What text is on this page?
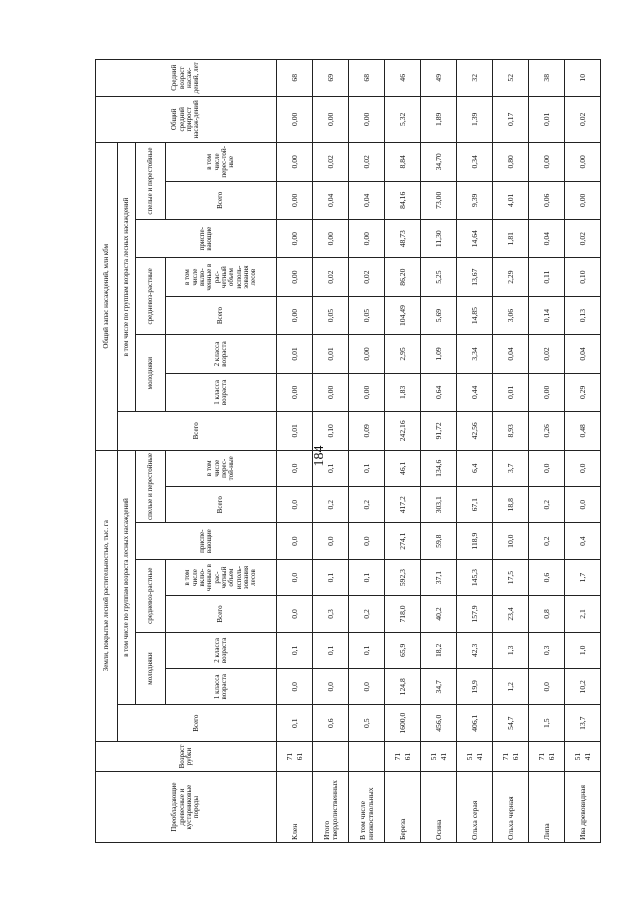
184
Преобладающие древесные и кустарниковые породы	Возраст рубки	Земли, покрытые лесной растительностью, тыс. га								Общий запас насаждений, млн кбм								Общий средний прирост насаж-дений	Средний возраст насаж-дений, лет
		Всего	в том числе по группам возраста лесных насаждений							Всего	в том числе по группам возраста лесных насаждений								
			молодняки		средневоз-растные		приспе-вающие	спелые и перестойные			молодняки		средневоз-растные		приспе-вающие	спелые и перестойные			
			1 класса возраста	2 класса возраста	Всего	в том числе вклю-ченные в рас-четный объем исполь-зования лесов		Всего	в том числе перес-той-ные		1 класса возраста	2 класса возраста	Всего	в том числе вклю-ченные в рас-четный объем исполь-зования лесов		Всего	в том числе перес-той-ные		

Клен	71 61	0,1	0,0	0,1	0,0	0,0	0,0	0,0	0,0	0,01	0,00	0,01	0,00	0,00	0,00	0,00	0,00	0,00	68
Итого твердолиственных		0,6	0,0	0,1	0,3	0,1	0,0	0,2	0,1	0,10	0,00	0,01	0,05	0,02	0,00	0,04	0,02	0,00	69
В том числе низкоствольных		0,5	0,0	0,1	0,2	0,1	0,0	0,2	0,1	0,09	0,00	0,00	0,05	0,02	0,00	0,04	0,02	0,00	68
Береза	71 61	1600,0	124,8	65,9	718,0	592,3	274,1	417,2	46,1	242,16	1,83	2,95	104,49	86,20	48,73	84,16	8,84	5,32	46
Осина	51 41	456,0	34,7	18,2	40,2	37,1	59,8	303,1	134,6	91,72	0,64	1,09	5,69	5,25	11,30	73,00	34,70	1,89	49
Ольха серая	51 41	406,1	19,9	42,3	157,9	145,3	118,9	67,1	6,4	42,56	0,44	3,34	14,85	13,67	14,64	9,39	0,34	1,39	32
Ольха черная	71 61	54,7	1,2	1,3	23,4	17,5	10,0	18,8	3,7	8,93	0,01	0,04	3,06	2,29	1,81	4,01	0,80	0,17	52
Липа	71 61	1,5	0,0	0,3	0,8	0,6	0,2	0,2	0,0	0,26	0,00	0,02	0,14	0,11	0,04	0,06	0,00	0,01	38
Ива древовидная	51 41	13,7	10,2	1,0	2,1	1,7	0,4	0,0	0,0	0,48	0,29	0,04	0,13	0,10	0,02	0,00	0,00	0,02	10
